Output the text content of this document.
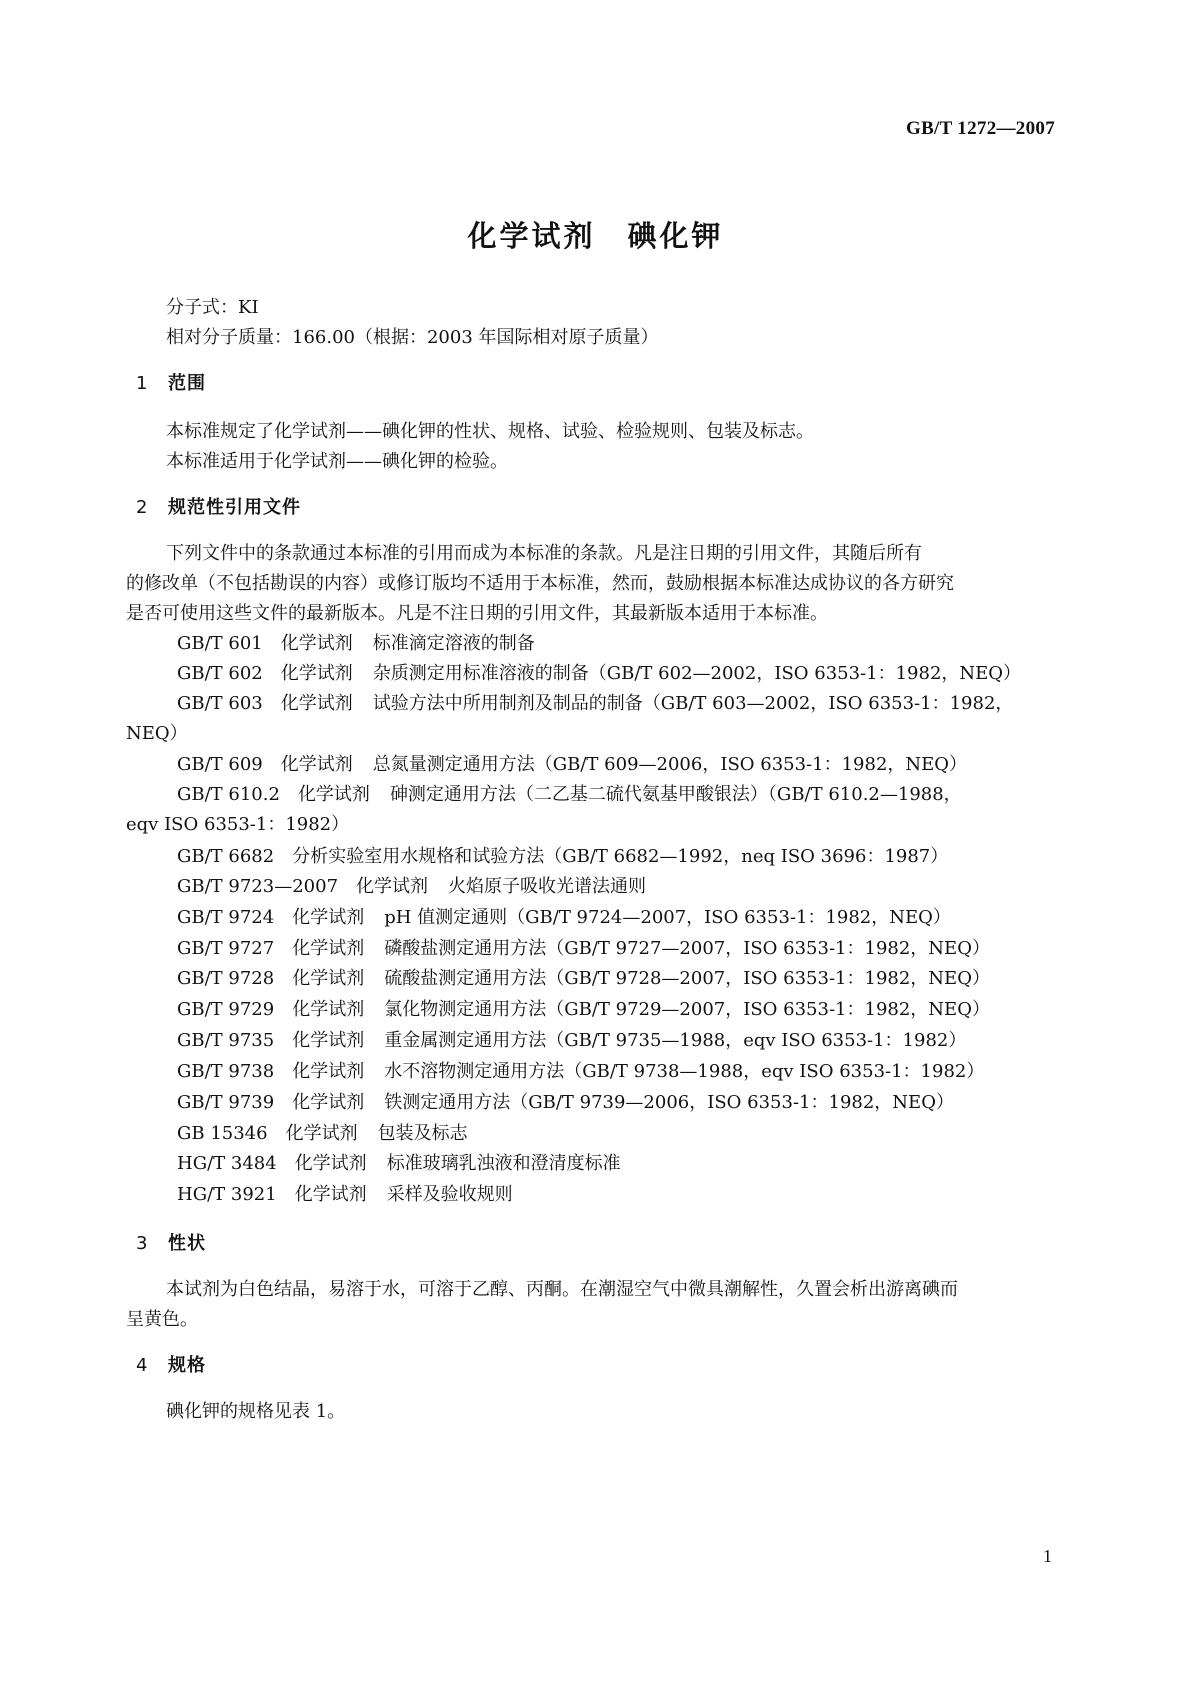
GB/T 1272—2007
化学试剂　碘化钾
分子式：KI
相对分子质量：166.00（根据：2003 年国际相对原子质量）
1 范围
本标准规定了化学试剂——碘化钾的性状、规格、试验、检验规则、包装及标志。
本标准适用于化学试剂——碘化钾的检验。
2 规范性引用文件
下列文件中的条款通过本标准的引用而成为本标准的条款。凡是注日期的引用文件，其随后所有
的修改单（不包括勘误的内容）或修订版均不适用于本标准，然而，鼓励根据本标准达成协议的各方研究
是否可使用这些文件的最新版本。凡是不注日期的引用文件，其最新版本适用于本标准。
GB/T 601 化学试剂 标准滴定溶液的制备
GB/T 602 化学试剂 杂质测定用标准溶液的制备（GB/T 602—2002，ISO 6353-1：1982，NEQ）
GB/T 603 化学试剂 试验方法中所用制剂及制品的制备（GB/T 603—2002，ISO 6353-1：1982，
NEQ）
GB/T 609 化学试剂 总氮量测定通用方法（GB/T 609—2006，ISO 6353-1：1982，NEQ）
GB/T 610.2 化学试剂 砷测定通用方法（二乙基二硫代氨基甲酸银法）（GB/T 610.2—1988，
eqv ISO 6353-1：1982）
GB/T 6682 分析实验室用水规格和试验方法（GB/T 6682—1992，neq ISO 3696：1987）
GB/T 9723—2007 化学试剂 火焰原子吸收光谱法通则
GB/T 9724 化学试剂 pH 值测定通则（GB/T 9724—2007，ISO 6353-1：1982，NEQ）
GB/T 9727 化学试剂 磷酸盐测定通用方法（GB/T 9727—2007，ISO 6353-1：1982，NEQ）
GB/T 9728 化学试剂 硫酸盐测定通用方法（GB/T 9728—2007，ISO 6353-1：1982，NEQ）
GB/T 9729 化学试剂 氯化物测定通用方法（GB/T 9729—2007，ISO 6353-1：1982，NEQ）
GB/T 9735 化学试剂 重金属测定通用方法（GB/T 9735—1988，eqv ISO 6353-1：1982）
GB/T 9738 化学试剂 水不溶物测定通用方法（GB/T 9738—1988，eqv ISO 6353-1：1982）
GB/T 9739 化学试剂 铁测定通用方法（GB/T 9739—2006，ISO 6353-1：1982，NEQ）
GB 15346 化学试剂 包装及标志
HG/T 3484 化学试剂 标准玻璃乳浊液和澄清度标准
HG/T 3921 化学试剂 采样及验收规则
3 性状
本试剂为白色结晶，易溶于水，可溶于乙醇、丙酮。在潮湿空气中微具潮解性，久置会析出游离碘而
呈黄色。
4 规格
碘化钾的规格见表 1。
1
